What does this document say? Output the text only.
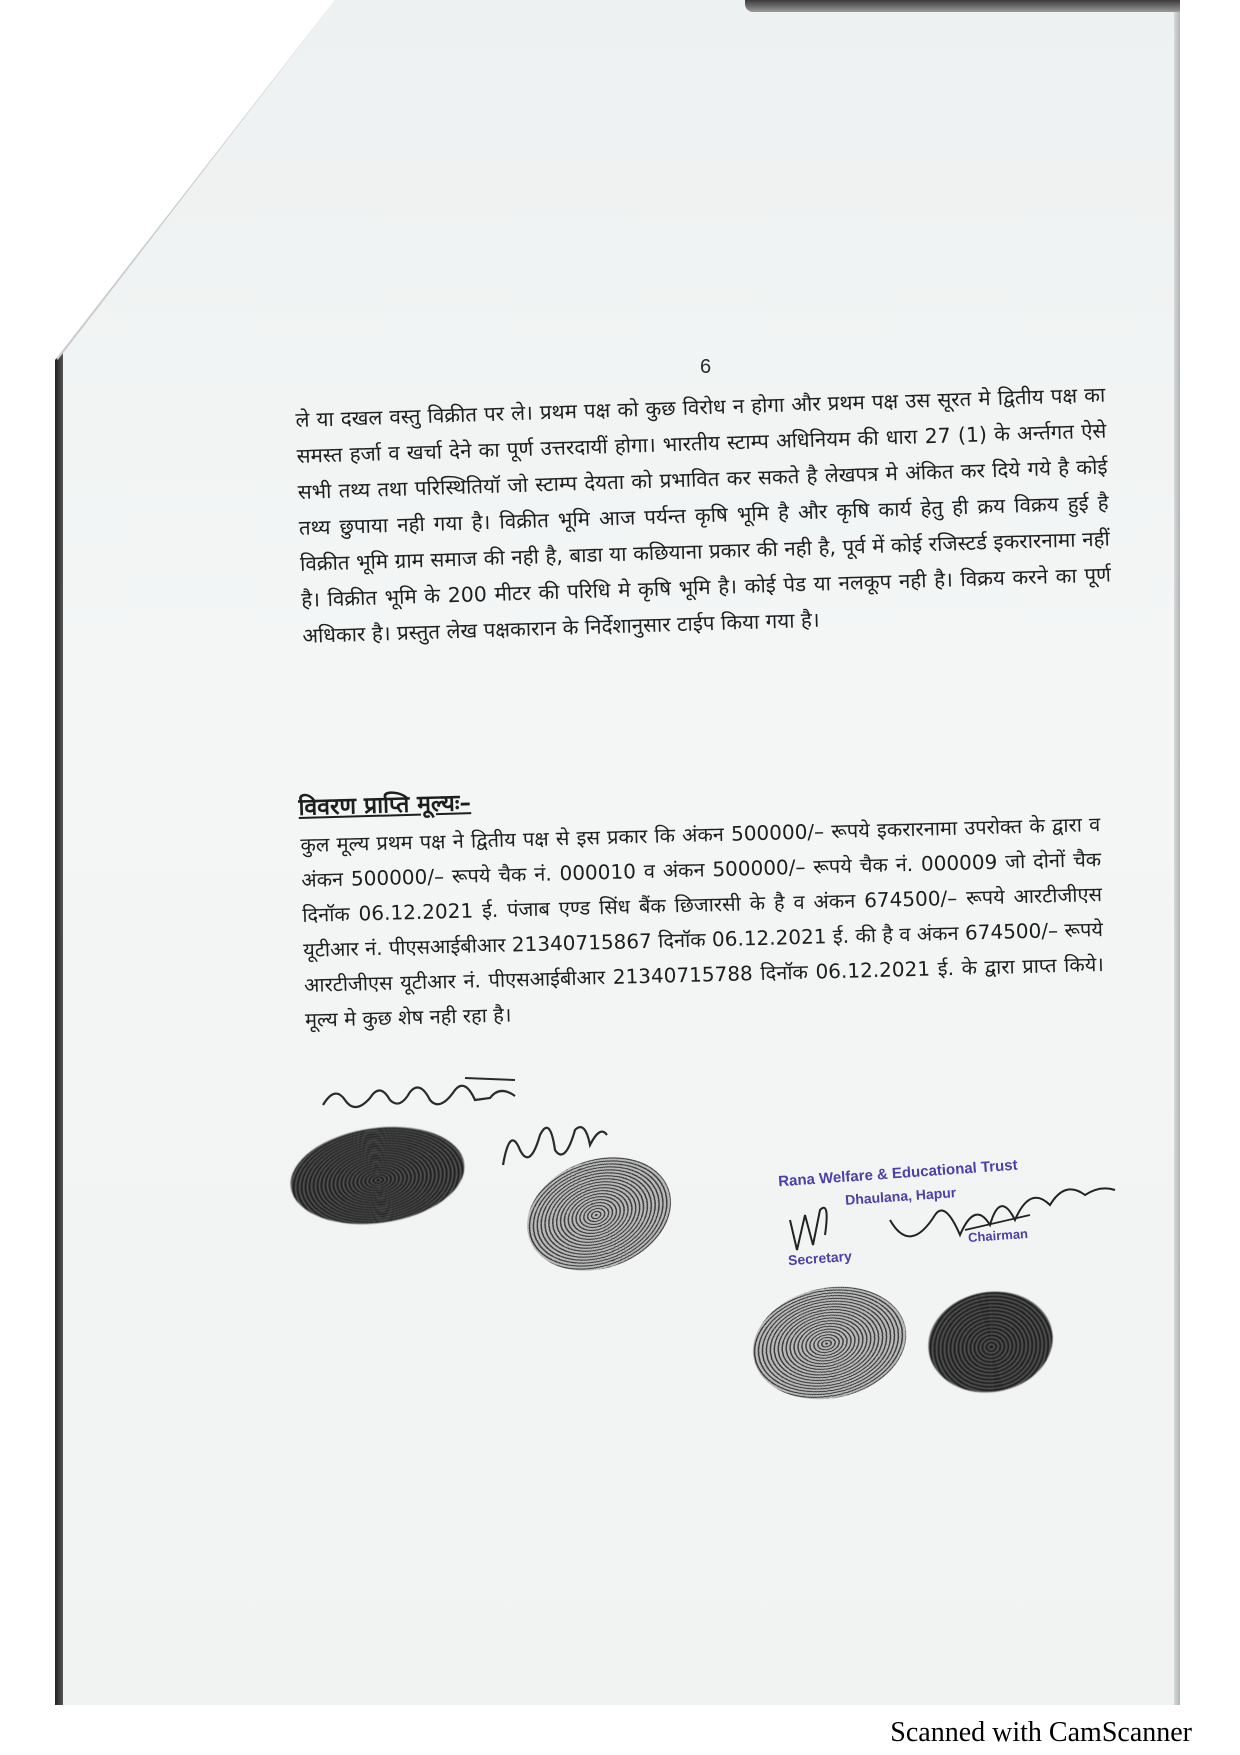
6
ले या दखल वस्तु विक्रीत पर ले। प्रथम पक्ष को कुछ विरोध न होगा और प्रथम पक्ष उस सूरत मे द्वितीय पक्ष का समस्त हर्जा व खर्चा देने का पूर्ण उत्तरदायीं होगा। भारतीय स्टाम्प अधिनियम की धारा 27 (1) के अर्न्तगत ऐसे सभी तथ्य तथा परिस्थितियॉ जो स्टाम्प देयता को प्रभावित कर सकते है लेखपत्र मे अंकित कर दिये गये है कोई तथ्य छुपाया नही गया है। विक्रीत भूमि आज पर्यन्त कृषि भूमि है और कृषि कार्य हेतु ही क्रय विक्रय हुई है विक्रीत भूमि ग्राम समाज की नही है, बाडा या कछियाना प्रकार की नही है, पूर्व में कोई रजिस्टर्ड इकरारनामा नहीं है। विक्रीत भूमि के 200 मीटर की परिधि मे कृषि भूमि है। कोई पेड या नलकूप नही है। विक्रय करने का पूर्ण अधिकार है। प्रस्तुत लेख पक्षकारान के निर्देशानुसार टाईप किया गया है।
विवरण प्राप्ति मूल्यः–
कुल मूल्य प्रथम पक्ष ने द्वितीय पक्ष से इस प्रकार कि अंकन 500000/– रूपये इकरारनामा उपरोक्त के द्वारा व अंकन 500000/– रूपये चैक नं. 000010 व अंकन 500000/– रूपये चैक नं. 000009 जो दोनों चैक दिनॉक 06.12.2021 ई. पंजाब एण्ड सिंध बैंक छिजारसी के है व अंकन 674500/– रूपये आरटीजीएस यूटीआर नं. पीएसआईबीआर 21340715867 दिनॉक 06.12.2021 ई. की है व अंकन 674500/– रूपये आरटीजीएस यूटीआर नं. पीएसआईबीआर 21340715788 दिनॉक 06.12.2021 ई. के द्वारा प्राप्त किये। मूल्य मे कुछ शेष नही रहा है।
Rana Welfare & Educational Trust
Dhaulana, Hapur
Secretary
Chairman
Scanned with CamScanner
